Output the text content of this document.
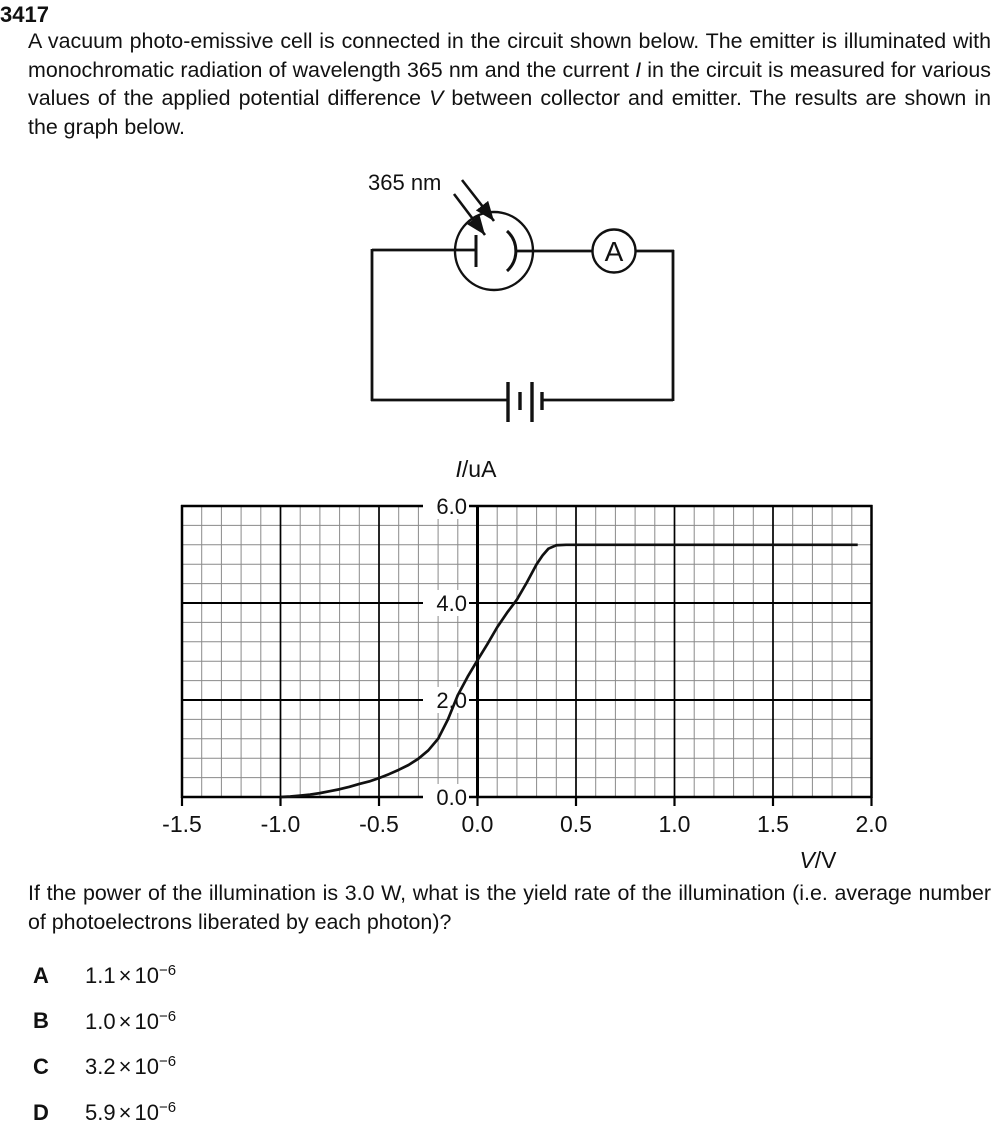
3417

A vacuum photo-emissive cell is connected in the circuit shown below. The emitter is illuminated with monochromatic radiation of wavelength 365 nm and the current I in the circuit is measured for various values of the applied potential difference V between collector and emitter. The results are shown in the graph below.

365 nm
A
0.0
2.0
4.0
6.0
-1.5	-1.0	-0.5	0.0	0.5	1.0	1.5	2.0
I/uA
V/V

If the power of the illumination is 3.0 W, what is the yield rate of the illumination (i.e. average number of photoelectrons liberated by each photon)?

A	$1.1 \times 10^{-6}$
B	$1.0 \times 10^{-6}$
C	$3.2 \times 10^{-6}$
D	$5.9 \times 10^{-6}$
